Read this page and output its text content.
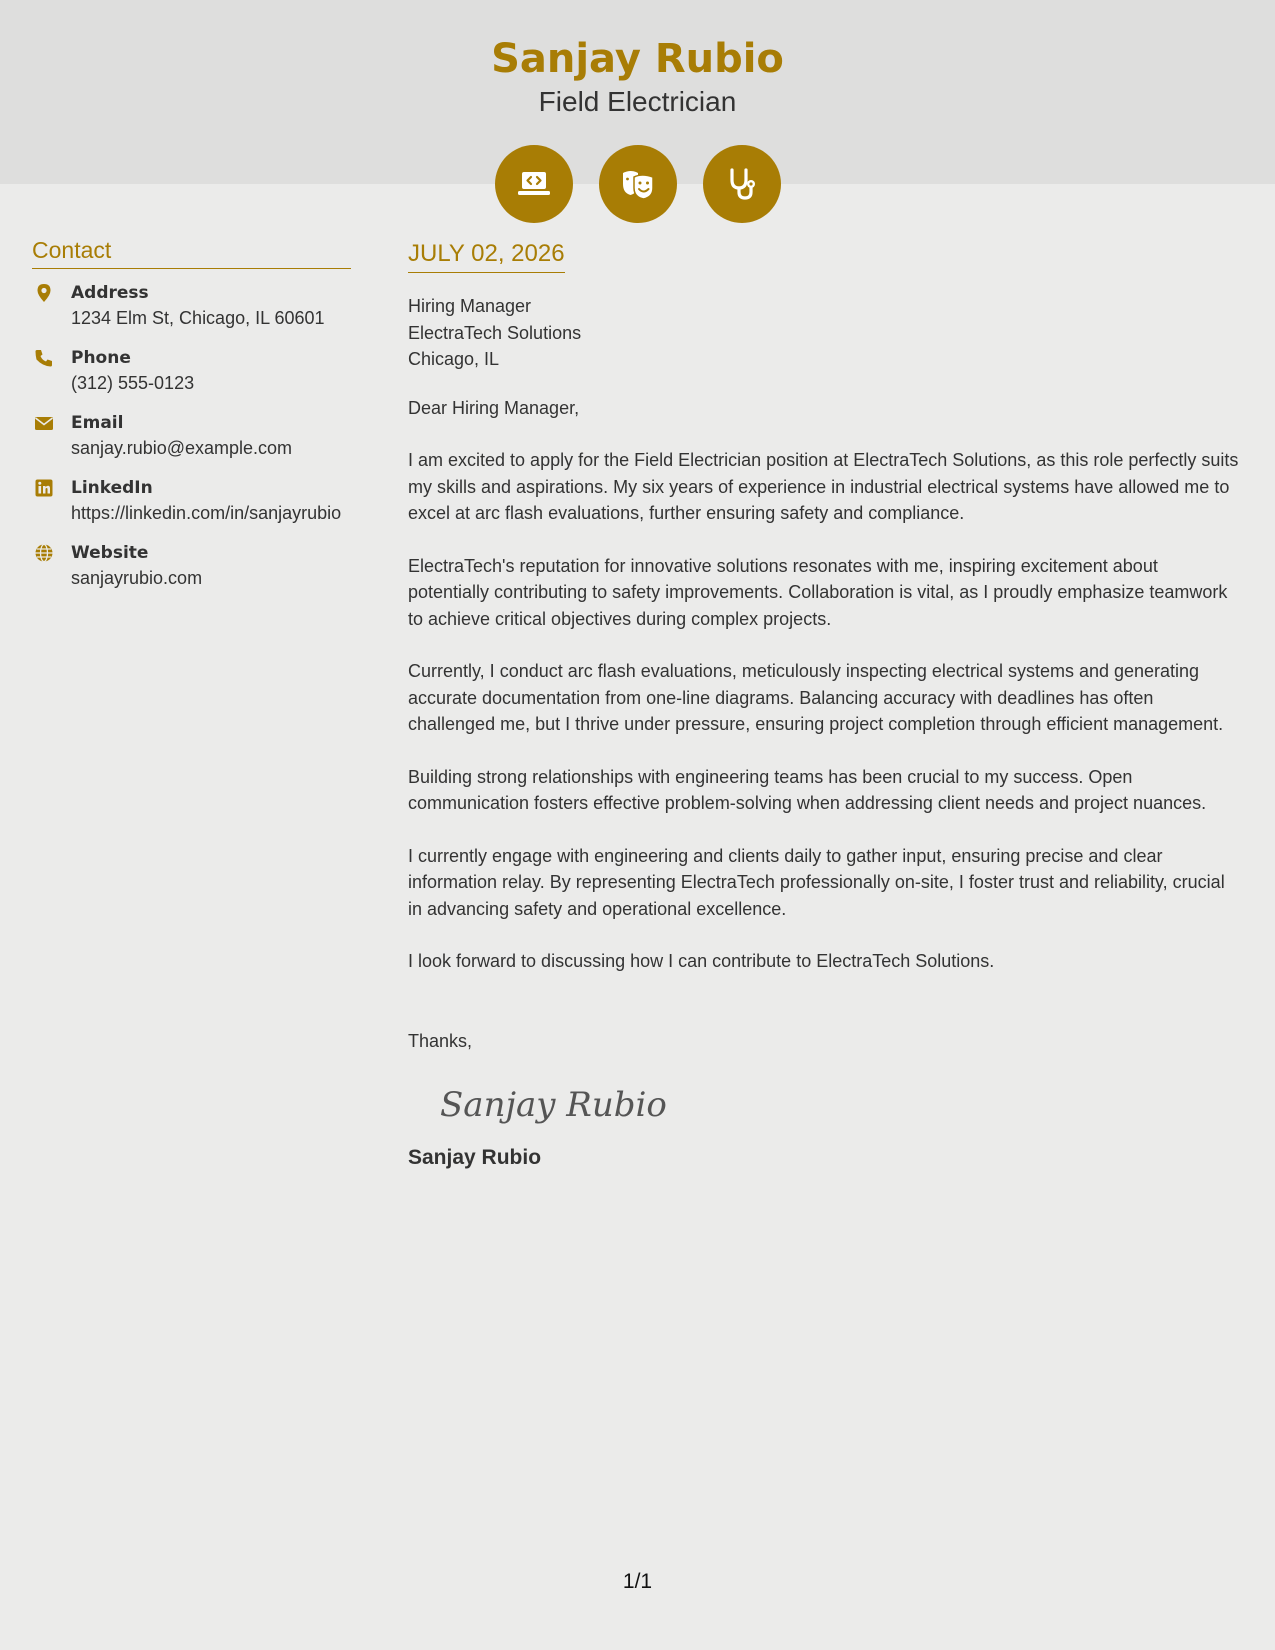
Sanjay Rubio
Field Electrician
Contact
Address
1234 Elm St, Chicago, IL 60601
Phone
(312) 555-0123
Email
sanjay.rubio@example.com
LinkedIn
https://linkedin.com/in/sanjayrubio
Website
sanjayrubio.com
JULY 02, 2026
Hiring Manager
ElectraTech Solutions
Chicago, IL
Dear Hiring Manager,
I am excited to apply for the Field Electrician position at ElectraTech Solutions, as this role perfectly suits my skills and aspirations. My six years of experience in industrial electrical systems have allowed me to excel at arc flash evaluations, further ensuring safety and compliance.
ElectraTech's reputation for innovative solutions resonates with me, inspiring excitement about potentially contributing to safety improvements. Collaboration is vital, as I proudly emphasize teamwork to achieve critical objectives during complex projects.
Currently, I conduct arc flash evaluations, meticulously inspecting electrical systems and generating accurate documentation from one-line diagrams. Balancing accuracy with deadlines has often challenged me, but I thrive under pressure, ensuring project completion through efficient management.
Building strong relationships with engineering teams has been crucial to my success. Open communication fosters effective problem-solving when addressing client needs and project nuances.
I currently engage with engineering and clients daily to gather input, ensuring precise and clear information relay. By representing ElectraTech professionally on-site, I foster trust and reliability, crucial in advancing safety and operational excellence.
I look forward to discussing how I can contribute to ElectraTech Solutions.
Thanks,
Sanjay Rubio
Sanjay Rubio
1/1
